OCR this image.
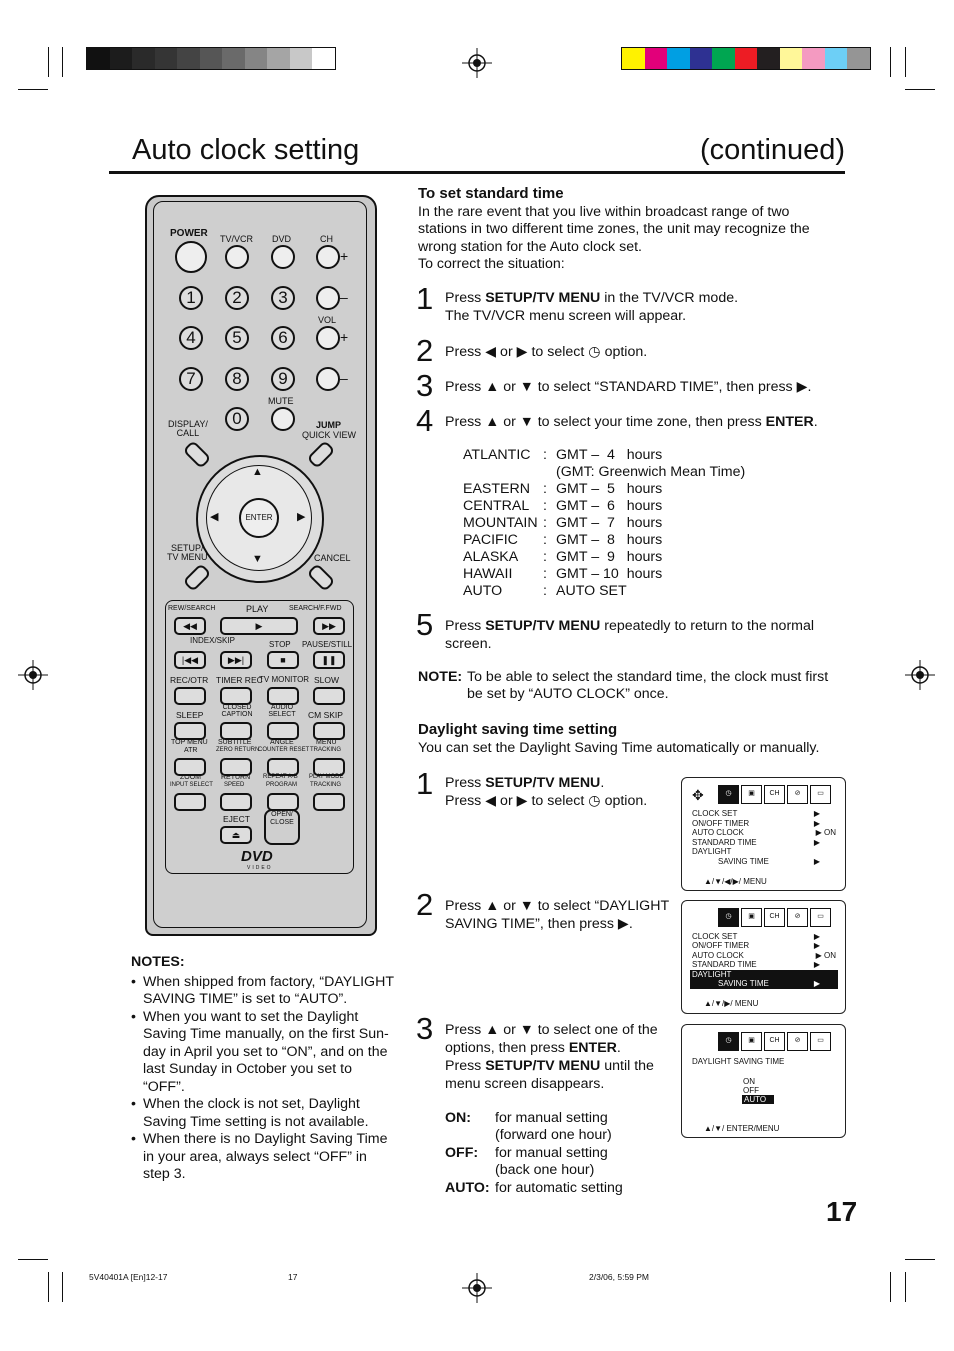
Auto clock setting	(continued)
POWER TV/VCR DVD	CH
+
–
VOL
+
–
1	2	3
4	5	6
7	8	9
0
MUTE
DISPLAY/
CALL
JUMP
QUICK VIEW
▲
▼
◀	▶
ENTER
SETUP/
TV MENU	CANCEL
REW/SEARCH
◀◀
PLAY
▶
SEARCH/F.FWD
▶▶
INDEX/SKIP	STOP PAUSE/STILL
|◀◀	▶▶|	■	❚❚
REC/OTR TIMER REC
TV MONITOR SLOW
SLEEP
CLOSED CAPTION
AUDIO SELECT CM SKIP
TOP MENU
ATR
SUBTITLE
ZERO RETURN
ANGLE
COUNTER RESET
MENU
TRACKING
ZOOM
INPUT SELECT
RETURN
SPEED
REPEAT A-B
PROGRAM
PLAY MODE
TRACKING
EJECT
⏏
OPEN/
CLOSE
DVD
VIDEO
NOTES:
• When shipped from factory, “DAYLIGHT SAVING TIME” is set to “AUTO”.
• When you want to set the Daylight Saving Time manually, on the first Sun-day in April you set to “ON”, and on the last Sunday in October you set to “OFF”.
• When the clock is not set, Daylight Saving Time setting is not available.
• When there is no Daylight Saving Time in your area, always select “OFF” in step 3.
To set standard time
In the rare event that you live within broadcast range of two stations in two different time zones, the unit may recognize the wrong station for the Auto clock set.
To correct the situation:
1 Press SETUP/TV MENU in the TV/VCR mode.
The TV/VCR menu screen will appear.
2 Press ◀ or ▶ to select ◷ option.
3 Press ▲ or ▼ to select “STANDARD TIME”, then press ▶.
4 Press ▲ or ▼ to select your time zone, then press ENTER.
ATLANTIC	:	GMT –  4   hours
		(GMT: Greenwich Mean Time)
EASTERN	:	GMT –  5   hours
CENTRAL	:	GMT –  6   hours
MOUNTAIN	:	GMT –  7   hours
PACIFIC	:	GMT –  8   hours
ALASKA	:	GMT –  9   hours
HAWAII	:	GMT – 10  hours
AUTO	:	AUTO SET
5 Press SETUP/TV MENU repeatedly to return to the normal screen.
NOTE: To be able to select the standard time, the clock must first be set by “AUTO CLOCK” once.
Daylight saving time setting
You can set the Daylight Saving Time automatically or manually.
1 Press SETUP/TV MENU.
Press ◀ or ▶ to select ◷ option.
2 Press ▲ or ▼ to select “DAYLIGHT SAVING TIME”, then press ▶.
3 Press ▲ or ▼ to select one of the options, then press ENTER.
Press SETUP/TV MENU until the menu screen disappears.
ON: for manual setting (forward one hour)
OFF: for manual setting (back one hour)
AUTO: for automatic setting
✥	◷	▣	CH	⊘	▭
CLOCK SET	▶
ON/OFF TIMER	▶
AUTO CLOCK	▶ ON
STANDARD TIME	▶
DAYLIGHT
SAVING TIME	▶
▲/▼/◀/▶/ MENU
◷	▣	CH	⊘	▭
CLOCK SET	▶
ON/OFF TIMER	▶
AUTO CLOCK	▶ ON
STANDARD TIME	▶
DAYLIGHT
SAVING TIME	▶
▲/▼/▶/ MENU
◷	▣	CH	⊘	▭
DAYLIGHT SAVING TIME
ON
OFF
AUTO
▲/▼/ ENTER/MENU
17
5V40401A [En]12-17	17	2/3/06, 5:59 PM
